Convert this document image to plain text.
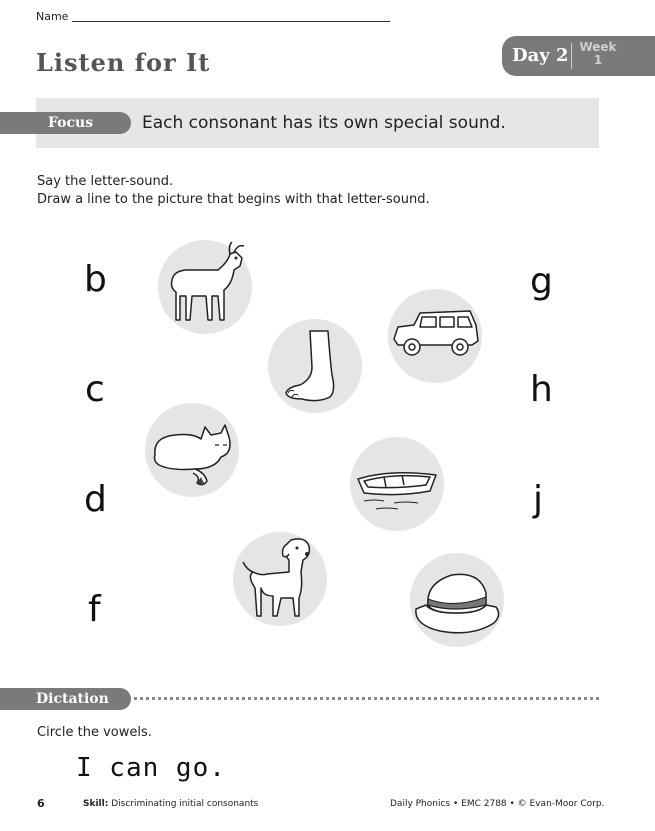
Name
Listen for It	Day 2 Week
1
Focus	Each consonant has its own special sound.
Say the letter-sound.
Draw a line to the picture that begins with that letter-sound.
b
c
d
f
g
h
j
Dictation
Circle the vowels.
I can go.
6	Skill: Discriminating initial consonants	Daily Phonics • EMC 2788 • © Evan-Moor Corp.
